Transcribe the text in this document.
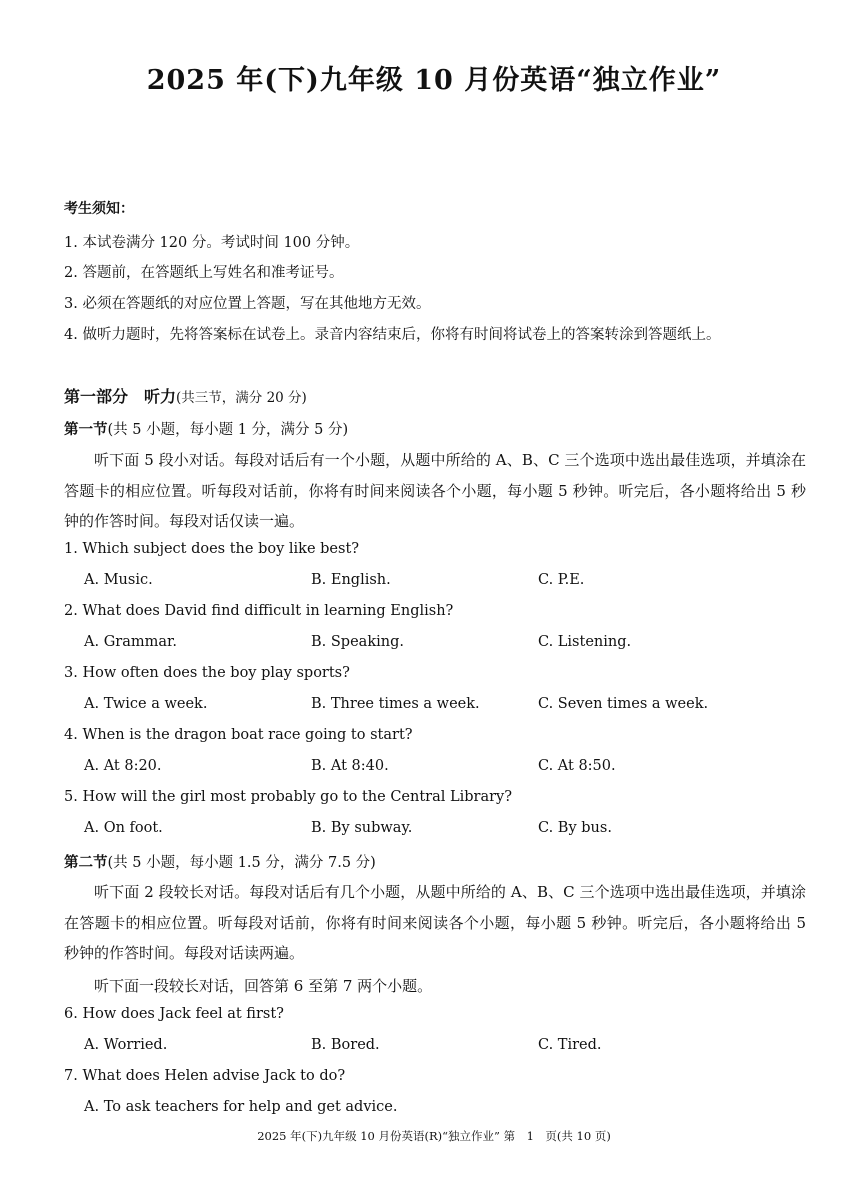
2025 年(下)九年级 10 月份英语“独立作业”
考生须知：
1. 本试卷满分 120 分。考试时间 100 分钟。
2. 答题前，在答题纸上写姓名和准考证号。
3. 必须在答题纸的对应位置上答题，写在其他地方无效。
4. 做听力题时，先将答案标在试卷上。录音内容结束后，你将有时间将试卷上的答案转涂到答题纸上。
第一部分　听力(共三节，满分 20 分)
第一节(共 5 小题，每小题 1 分，满分 5 分)
听下面 5 段小对话。每段对话后有一个小题，从题中所给的 A、B、C 三个选项中选出最佳选项，并填涂在答题卡的相应位置。听每段对话前，你将有时间来阅读各个小题，每小题 5 秒钟。听完后，各小题将给出 5 秒钟的作答时间。每段对话仅读一遍。
1. Which subject does the boy like best?
A. Music.	B. English.	C. P.E.
2. What does David find difficult in learning English?
A. Grammar.	B. Speaking.	C. Listening.
3. How often does the boy play sports?
A. Twice a week.	B. Three times a week.	C. Seven times a week.
4. When is the dragon boat race going to start?
A. At 8:20.	B. At 8:40.	C. At 8:50.
5. How will the girl most probably go to the Central Library?
A. On foot.	B. By subway.	C. By bus.
第二节(共 5 小题，每小题 1.5 分，满分 7.5 分)
听下面 2 段较长对话。每段对话后有几个小题，从题中所给的 A、B、C 三个选项中选出最佳选项，并填涂在答题卡的相应位置。听每段对话前，你将有时间来阅读各个小题，每小题 5 秒钟。听完后，各小题将给出 5 秒钟的作答时间。每段对话读两遍。
听下面一段较长对话，回答第 6 至第 7 两个小题。
6. How does Jack feel at first?
A. Worried.	B. Bored.	C. Tired.
7. What does Helen advise Jack to do?
A. To ask teachers for help and get advice.
2025 年(下)九年级 10 月份英语(R)“独立作业” 第　1　页(共 10 页)
